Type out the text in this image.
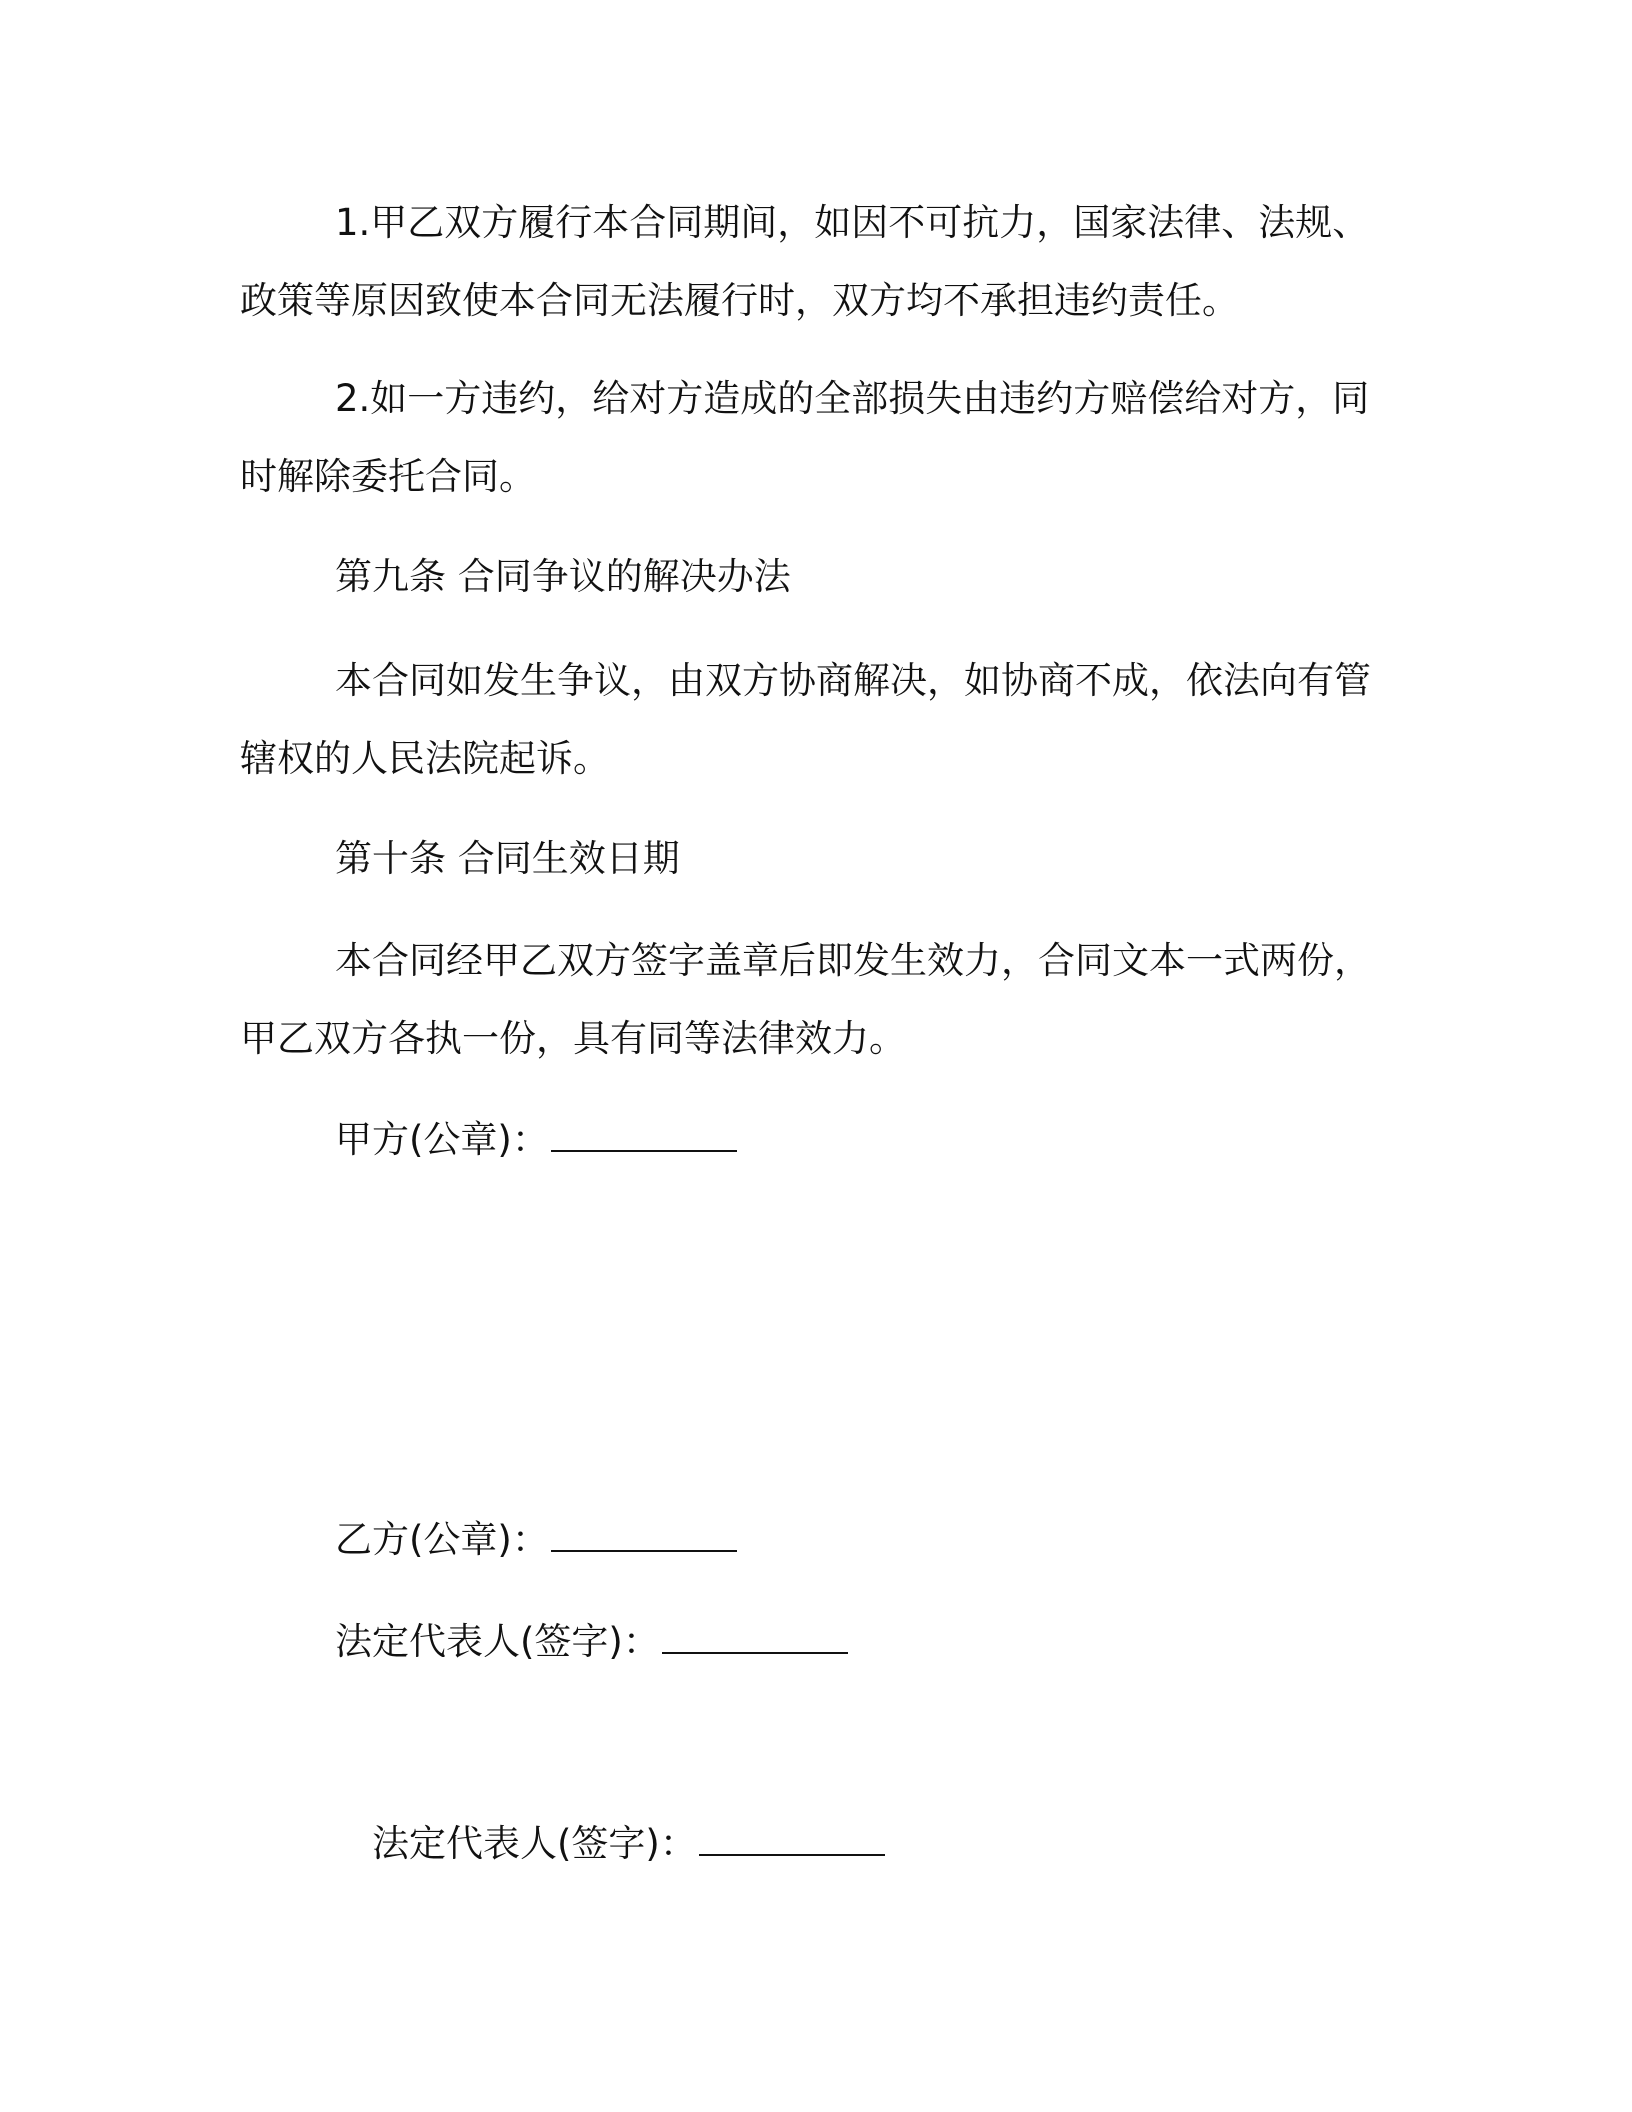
1.甲乙双方履行本合同期间，如因不可抗力，国家法律、法规、政策等原因致使本合同无法履行时，双方均不承担违约责任。

2.如一方违约，给对方造成的全部损失由违约方赔偿给对方，同时解除委托合同。

第九条 合同争议的解决办法

本合同如发生争议，由双方协商解决，如协商不成，依法向有管辖权的人民法院起诉。

第十条 合同生效日期

本合同经甲乙双方签字盖章后即发生效力，合同文本一式两份，甲乙双方各执一份，具有同等法律效力。

甲方(公章)：
乙方(公章)：
法定代表人(签字)：
法定代表人(签字)：
